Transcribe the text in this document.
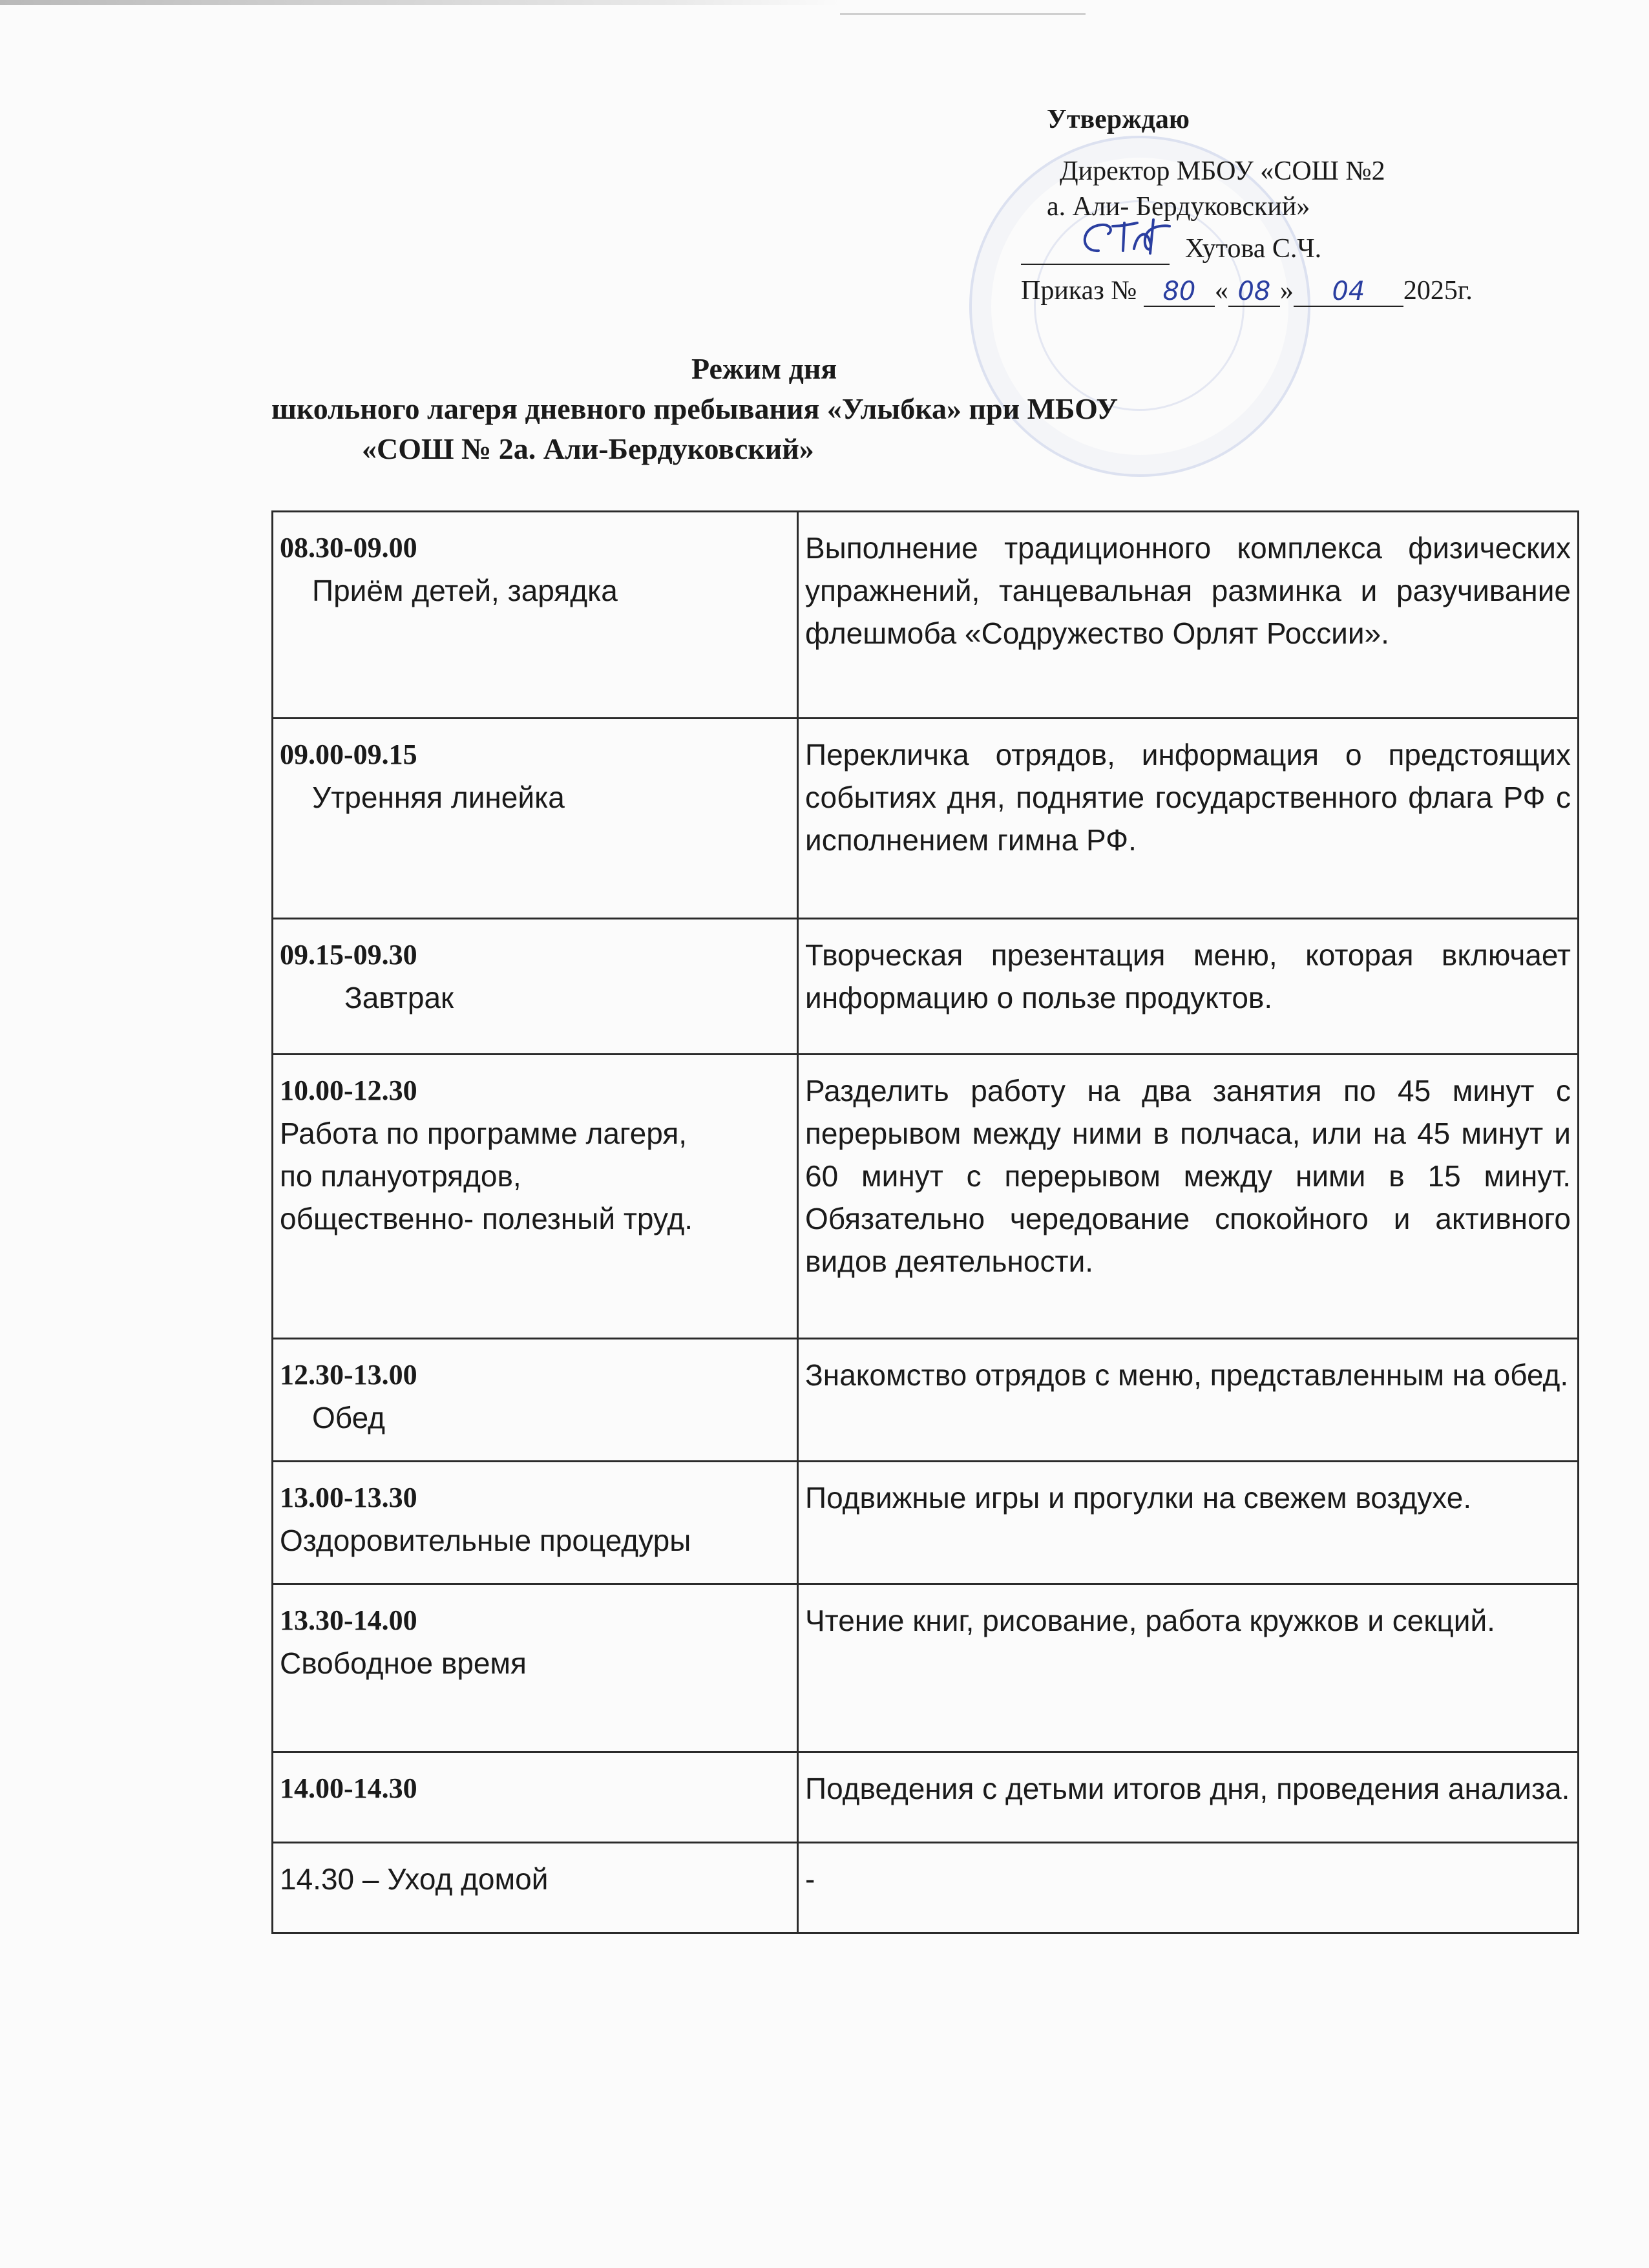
Утверждаю
Директор МБОУ «СОШ №2
а. Али- Бердуковский»
Хутова С.Ч.
Приказ № 80 « 08 » 04 2025г.
Режим дня
школьного лагеря дневного пребывания «Улыбка» при МБОУ
«СОШ № 2а. Али-Бердуковский»
08.30-09.00
Приём детей, зарядка	Выполнение традиционного комплекса физических упражнений, танцевальная разминка и разучивание флешмоба «Содружество Орлят России».

09.00-09.15
Утренняя линейка	Перекличка отрядов, информация о предстоящих событиях дня, поднятие государственного флага РФ с исполнением гимна РФ.

09.15-09.30
Завтрак	Творческая презентация меню, которая включает информацию о пользе продуктов.

10.00-12.30
Работа по программе лагеря, по плануотрядов, общественно- полезный труд.	Разделить работу на два занятия по 45 минут с перерывом между ними в полчаса, или на 45 минут и 60 минут с перерывом между ними в 15 минут. Обязательно чередование спокойного и активного видов деятельности.

12.30-13.00
Обед	Знакомство отрядов с меню, представленным на обед.

13.00-13.30
Оздоровительные процедуры	Подвижные игры и прогулки на свежем воздухе.

13.30-14.00
Свободное время	Чтение книг, рисование, работа кружков и секций.

14.00-14.30	Подведения с детьми итогов дня, проведения анализа.

14.30 – Уход домой	-
